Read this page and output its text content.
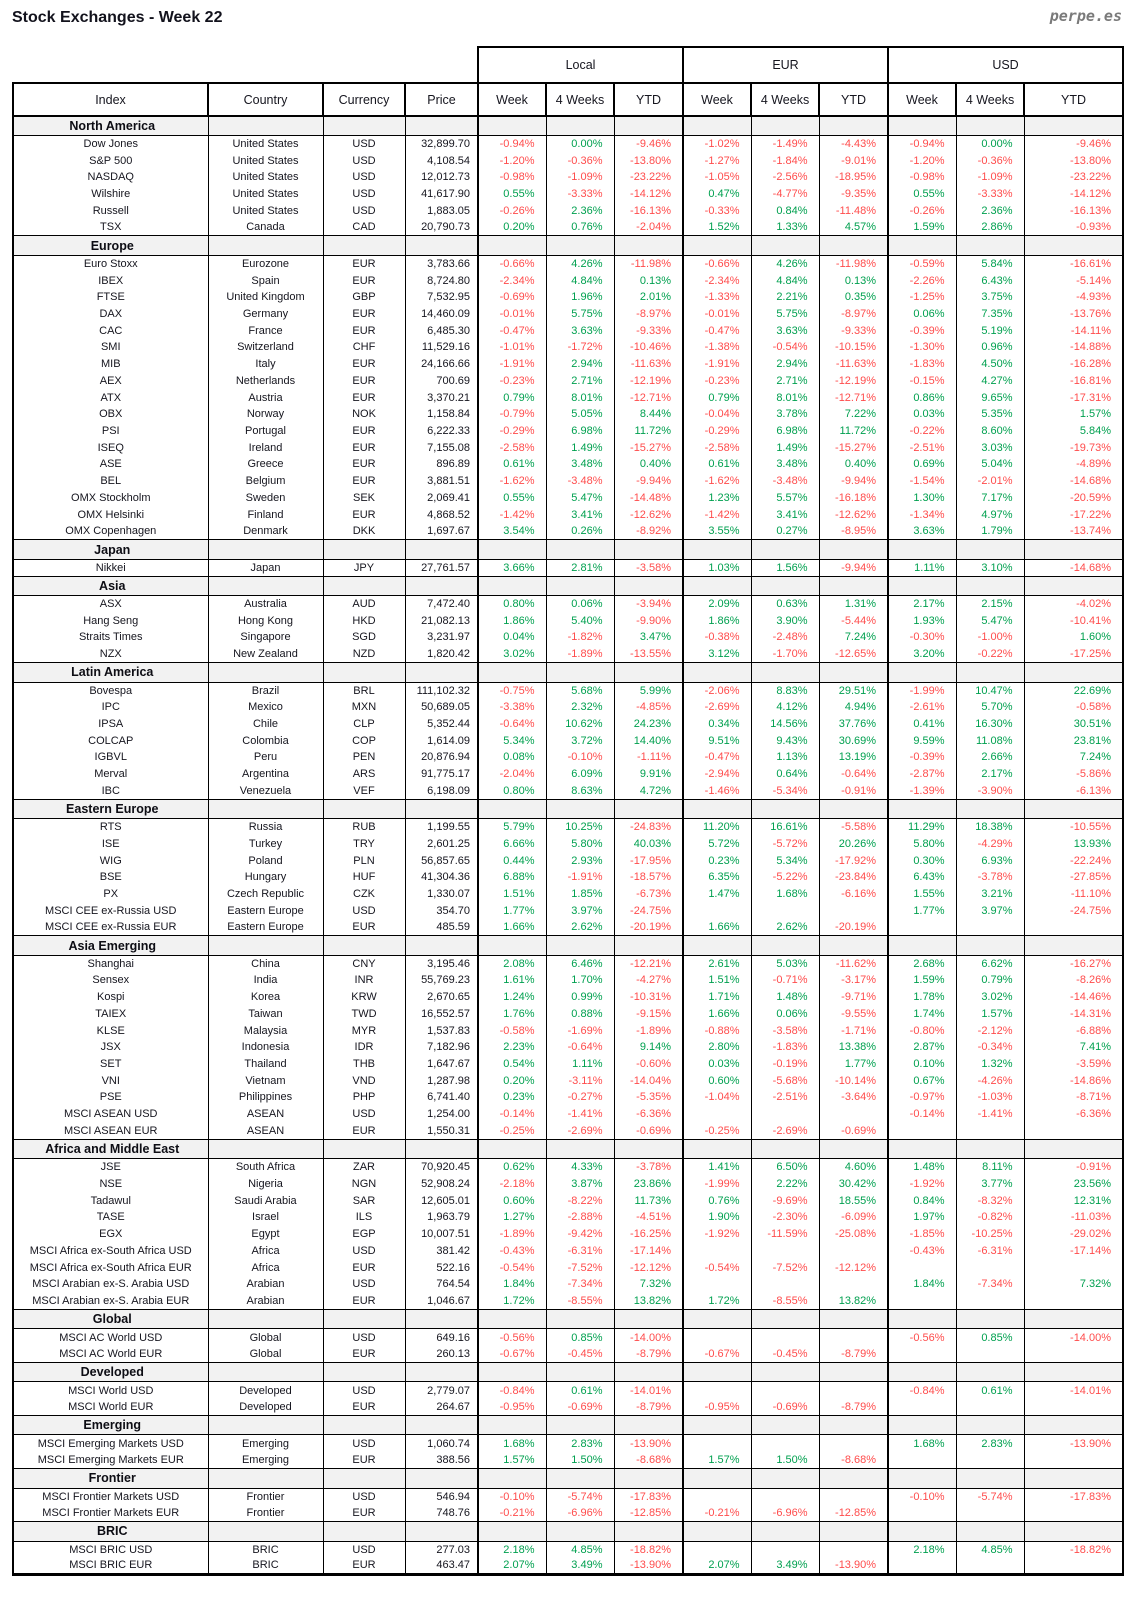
Stock Exchanges - Week 22	perpe.es
				Local			EUR			USD		
Index	Country	Currency	Price	Week	4 Weeks	YTD	Week	4 Weeks	YTD	Week	4 Weeks	YTD
North America												
Dow Jones	United States	USD	32,899.70	-0.94%	0.00%	-9.46%	-1.02%	-1.49%	-4.43%	-0.94%	0.00%	-9.46%
S&P 500	United States	USD	4,108.54	-1.20%	-0.36%	-13.80%	-1.27%	-1.84%	-9.01%	-1.20%	-0.36%	-13.80%
NASDAQ	United States	USD	12,012.73	-0.98%	-1.09%	-23.22%	-1.05%	-2.56%	-18.95%	-0.98%	-1.09%	-23.22%
Wilshire	United States	USD	41,617.90	0.55%	-3.33%	-14.12%	0.47%	-4.77%	-9.35%	0.55%	-3.33%	-14.12%
Russell	United States	USD	1,883.05	-0.26%	2.36%	-16.13%	-0.33%	0.84%	-11.48%	-0.26%	2.36%	-16.13%
TSX	Canada	CAD	20,790.73	0.20%	0.76%	-2.04%	1.52%	1.33%	4.57%	1.59%	2.86%	-0.93%
Europe												
Euro Stoxx	Eurozone	EUR	3,783.66	-0.66%	4.26%	-11.98%	-0.66%	4.26%	-11.98%	-0.59%	5.84%	-16.61%
IBEX	Spain	EUR	8,724.80	-2.34%	4.84%	0.13%	-2.34%	4.84%	0.13%	-2.26%	6.43%	-5.14%
FTSE	United Kingdom	GBP	7,532.95	-0.69%	1.96%	2.01%	-1.33%	2.21%	0.35%	-1.25%	3.75%	-4.93%
DAX	Germany	EUR	14,460.09	-0.01%	5.75%	-8.97%	-0.01%	5.75%	-8.97%	0.06%	7.35%	-13.76%
CAC	France	EUR	6,485.30	-0.47%	3.63%	-9.33%	-0.47%	3.63%	-9.33%	-0.39%	5.19%	-14.11%
SMI	Switzerland	CHF	11,529.16	-1.01%	-1.72%	-10.46%	-1.38%	-0.54%	-10.15%	-1.30%	0.96%	-14.88%
MIB	Italy	EUR	24,166.66	-1.91%	2.94%	-11.63%	-1.91%	2.94%	-11.63%	-1.83%	4.50%	-16.28%
AEX	Netherlands	EUR	700.69	-0.23%	2.71%	-12.19%	-0.23%	2.71%	-12.19%	-0.15%	4.27%	-16.81%
ATX	Austria	EUR	3,370.21	0.79%	8.01%	-12.71%	0.79%	8.01%	-12.71%	0.86%	9.65%	-17.31%
OBX	Norway	NOK	1,158.84	-0.79%	5.05%	8.44%	-0.04%	3.78%	7.22%	0.03%	5.35%	1.57%
PSI	Portugal	EUR	6,222.33	-0.29%	6.98%	11.72%	-0.29%	6.98%	11.72%	-0.22%	8.60%	5.84%
ISEQ	Ireland	EUR	7,155.08	-2.58%	1.49%	-15.27%	-2.58%	1.49%	-15.27%	-2.51%	3.03%	-19.73%
ASE	Greece	EUR	896.89	0.61%	3.48%	0.40%	0.61%	3.48%	0.40%	0.69%	5.04%	-4.89%
BEL	Belgium	EUR	3,881.51	-1.62%	-3.48%	-9.94%	-1.62%	-3.48%	-9.94%	-1.54%	-2.01%	-14.68%
OMX Stockholm	Sweden	SEK	2,069.41	0.55%	5.47%	-14.48%	1.23%	5.57%	-16.18%	1.30%	7.17%	-20.59%
OMX Helsinki	Finland	EUR	4,868.52	-1.42%	3.41%	-12.62%	-1.42%	3.41%	-12.62%	-1.34%	4.97%	-17.22%
OMX Copenhagen	Denmark	DKK	1,697.67	3.54%	0.26%	-8.92%	3.55%	0.27%	-8.95%	3.63%	1.79%	-13.74%
Japan												
Nikkei	Japan	JPY	27,761.57	3.66%	2.81%	-3.58%	1.03%	1.56%	-9.94%	1.11%	3.10%	-14.68%
Asia												
ASX	Australia	AUD	7,472.40	0.80%	0.06%	-3.94%	2.09%	0.63%	1.31%	2.17%	2.15%	-4.02%
Hang Seng	Hong Kong	HKD	21,082.13	1.86%	5.40%	-9.90%	1.86%	3.90%	-5.44%	1.93%	5.47%	-10.41%
Straits Times	Singapore	SGD	3,231.97	0.04%	-1.82%	3.47%	-0.38%	-2.48%	7.24%	-0.30%	-1.00%	1.60%
NZX	New Zealand	NZD	1,820.42	3.02%	-1.89%	-13.55%	3.12%	-1.70%	-12.65%	3.20%	-0.22%	-17.25%
Latin America												
Bovespa	Brazil	BRL	111,102.32	-0.75%	5.68%	5.99%	-2.06%	8.83%	29.51%	-1.99%	10.47%	22.69%
IPC	Mexico	MXN	50,689.05	-3.38%	2.32%	-4.85%	-2.69%	4.12%	4.94%	-2.61%	5.70%	-0.58%
IPSA	Chile	CLP	5,352.44	-0.64%	10.62%	24.23%	0.34%	14.56%	37.76%	0.41%	16.30%	30.51%
COLCAP	Colombia	COP	1,614.09	5.34%	3.72%	14.40%	9.51%	9.43%	30.69%	9.59%	11.08%	23.81%
IGBVL	Peru	PEN	20,876.94	0.08%	-0.10%	-1.11%	-0.47%	1.13%	13.19%	-0.39%	2.66%	7.24%
Merval	Argentina	ARS	91,775.17	-2.04%	6.09%	9.91%	-2.94%	0.64%	-0.64%	-2.87%	2.17%	-5.86%
IBC	Venezuela	VEF	6,198.09	0.80%	8.63%	4.72%	-1.46%	-5.34%	-0.91%	-1.39%	-3.90%	-6.13%
Eastern Europe												
RTS	Russia	RUB	1,199.55	5.79%	10.25%	-24.83%	11.20%	16.61%	-5.58%	11.29%	18.38%	-10.55%
ISE	Turkey	TRY	2,601.25	6.66%	5.80%	40.03%	5.72%	-5.72%	20.26%	5.80%	-4.29%	13.93%
WIG	Poland	PLN	56,857.65	0.44%	2.93%	-17.95%	0.23%	5.34%	-17.92%	0.30%	6.93%	-22.24%
BSE	Hungary	HUF	41,304.36	6.88%	-1.91%	-18.57%	6.35%	-5.22%	-23.84%	6.43%	-3.78%	-27.85%
PX	Czech Republic	CZK	1,330.07	1.51%	1.85%	-6.73%	1.47%	1.68%	-6.16%	1.55%	3.21%	-11.10%
MSCI CEE ex-Russia USD	Eastern Europe	USD	354.70	1.77%	3.97%	-24.75%				1.77%	3.97%	-24.75%
MSCI CEE ex-Russia EUR	Eastern Europe	EUR	485.59	1.66%	2.62%	-20.19%	1.66%	2.62%	-20.19%			
Asia Emerging												
Shanghai	China	CNY	3,195.46	2.08%	6.46%	-12.21%	2.61%	5.03%	-11.62%	2.68%	6.62%	-16.27%
Sensex	India	INR	55,769.23	1.61%	1.70%	-4.27%	1.51%	-0.71%	-3.17%	1.59%	0.79%	-8.26%
Kospi	Korea	KRW	2,670.65	1.24%	0.99%	-10.31%	1.71%	1.48%	-9.71%	1.78%	3.02%	-14.46%
TAIEX	Taiwan	TWD	16,552.57	1.76%	0.88%	-9.15%	1.66%	0.06%	-9.55%	1.74%	1.57%	-14.31%
KLSE	Malaysia	MYR	1,537.83	-0.58%	-1.69%	-1.89%	-0.88%	-3.58%	-1.71%	-0.80%	-2.12%	-6.88%
JSX	Indonesia	IDR	7,182.96	2.23%	-0.64%	9.14%	2.80%	-1.83%	13.38%	2.87%	-0.34%	7.41%
SET	Thailand	THB	1,647.67	0.54%	1.11%	-0.60%	0.03%	-0.19%	1.77%	0.10%	1.32%	-3.59%
VNI	Vietnam	VND	1,287.98	0.20%	-3.11%	-14.04%	0.60%	-5.68%	-10.14%	0.67%	-4.26%	-14.86%
PSE	Philippines	PHP	6,741.40	0.23%	-0.27%	-5.35%	-1.04%	-2.51%	-3.64%	-0.97%	-1.03%	-8.71%
MSCI ASEAN USD	ASEAN	USD	1,254.00	-0.14%	-1.41%	-6.36%				-0.14%	-1.41%	-6.36%
MSCI ASEAN EUR	ASEAN	EUR	1,550.31	-0.25%	-2.69%	-0.69%	-0.25%	-2.69%	-0.69%			
Africa and Middle East												
JSE	South Africa	ZAR	70,920.45	0.62%	4.33%	-3.78%	1.41%	6.50%	4.60%	1.48%	8.11%	-0.91%
NSE	Nigeria	NGN	52,908.24	-2.18%	3.87%	23.86%	-1.99%	2.22%	30.42%	-1.92%	3.77%	23.56%
Tadawul	Saudi Arabia	SAR	12,605.01	0.60%	-8.22%	11.73%	0.76%	-9.69%	18.55%	0.84%	-8.32%	12.31%
TASE	Israel	ILS	1,963.79	1.27%	-2.88%	-4.51%	1.90%	-2.30%	-6.09%	1.97%	-0.82%	-11.03%
EGX	Egypt	EGP	10,007.51	-1.89%	-9.42%	-16.25%	-1.92%	-11.59%	-25.08%	-1.85%	-10.25%	-29.02%
MSCI Africa ex-South Africa USD	Africa	USD	381.42	-0.43%	-6.31%	-17.14%				-0.43%	-6.31%	-17.14%
MSCI Africa ex-South Africa EUR	Africa	EUR	522.16	-0.54%	-7.52%	-12.12%	-0.54%	-7.52%	-12.12%			
MSCI Arabian ex-S. Arabia USD	Arabian	USD	764.54	1.84%	-7.34%	7.32%				1.84%	-7.34%	7.32%
MSCI Arabian ex-S. Arabia EUR	Arabian	EUR	1,046.67	1.72%	-8.55%	13.82%	1.72%	-8.55%	13.82%			
Global												
MSCI AC World USD	Global	USD	649.16	-0.56%	0.85%	-14.00%				-0.56%	0.85%	-14.00%
MSCI AC World EUR	Global	EUR	260.13	-0.67%	-0.45%	-8.79%	-0.67%	-0.45%	-8.79%			
Developed												
MSCI World USD	Developed	USD	2,779.07	-0.84%	0.61%	-14.01%				-0.84%	0.61%	-14.01%
MSCI World EUR	Developed	EUR	264.67	-0.95%	-0.69%	-8.79%	-0.95%	-0.69%	-8.79%			
Emerging												
MSCI Emerging Markets USD	Emerging	USD	1,060.74	1.68%	2.83%	-13.90%				1.68%	2.83%	-13.90%
MSCI Emerging Markets EUR	Emerging	EUR	388.56	1.57%	1.50%	-8.68%	1.57%	1.50%	-8.68%			
Frontier												
MSCI Frontier Markets USD	Frontier	USD	546.94	-0.10%	-5.74%	-17.83%				-0.10%	-5.74%	-17.83%
MSCI Frontier Markets EUR	Frontier	EUR	748.76	-0.21%	-6.96%	-12.85%	-0.21%	-6.96%	-12.85%			
BRIC												
MSCI BRIC USD	BRIC	USD	277.03	2.18%	4.85%	-18.82%				2.18%	4.85%	-18.82%
MSCI BRIC EUR	BRIC	EUR	463.47	2.07%	3.49%	-13.90%	2.07%	3.49%	-13.90%			
